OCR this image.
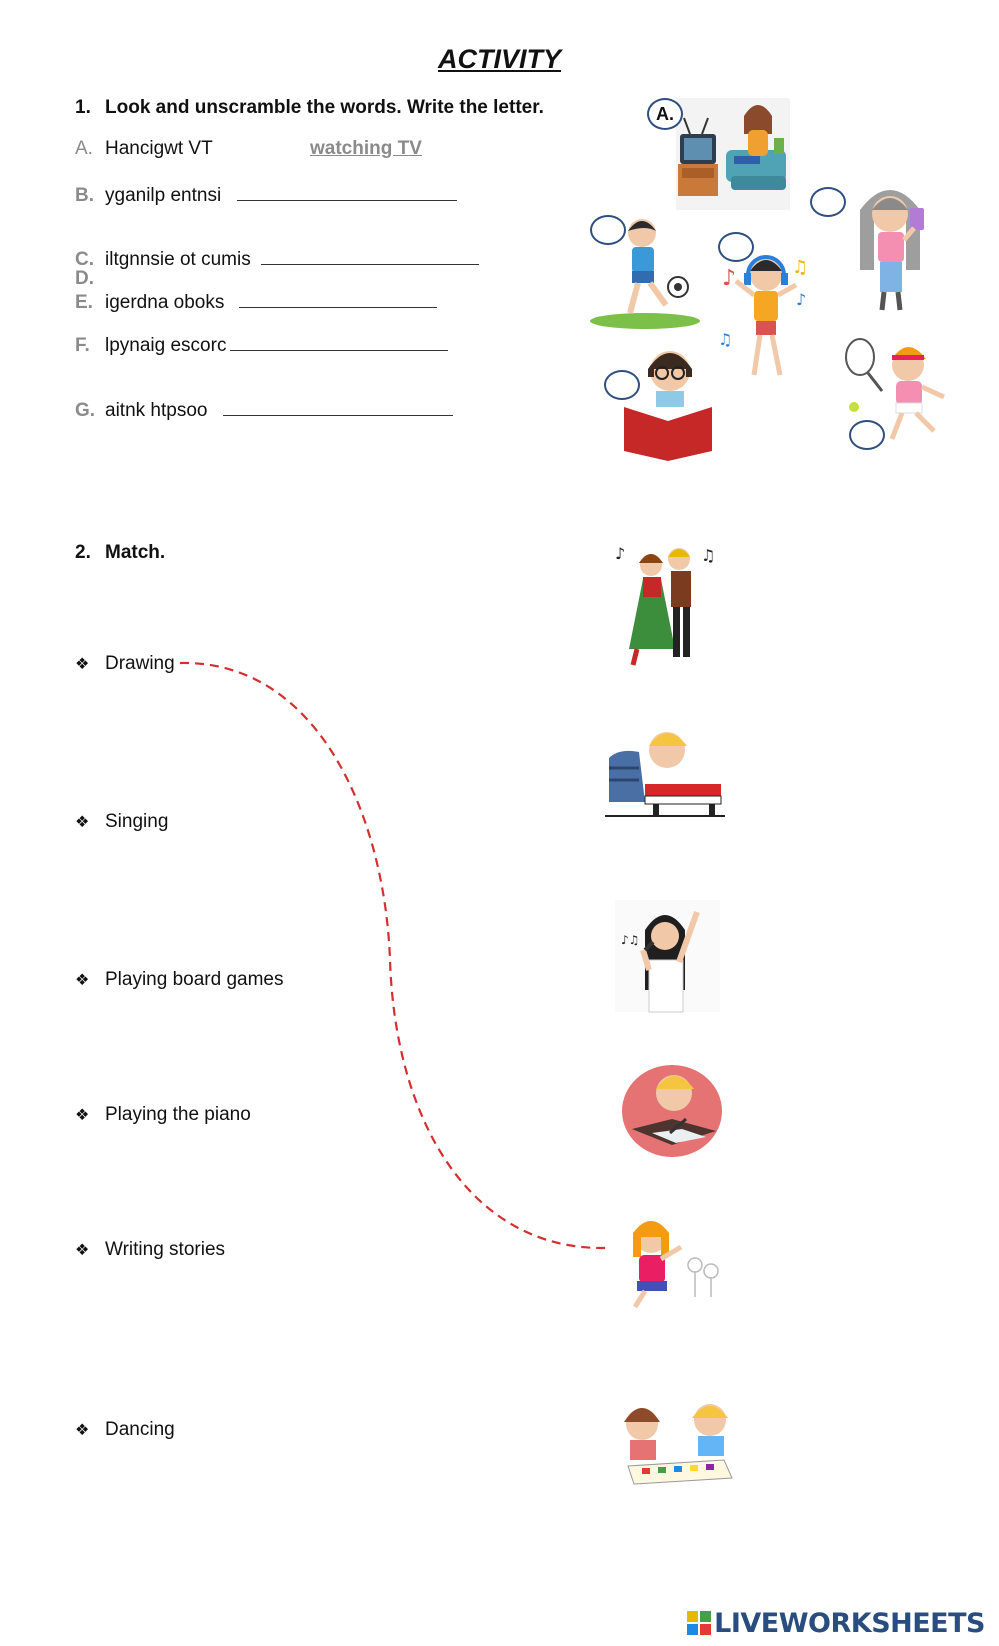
ACTIVITY
1. Look and unscramble the words. Write the letter.
A. Hancigwt VT	watching TV
B. yganilp entnsi
C. iltgnnsie ot cumis
D.
E. igerdna oboks
F. lpynaig escorc
G. aitnk htpsoo
A.
♪	♫
♪
♫
2. Match.
❖ Drawing
❖ Singing
❖ Playing board games
❖ Playing the piano
❖ Writing stories
❖ Dancing
♪	♫
♪♫
LIVEWORKSHEETS
